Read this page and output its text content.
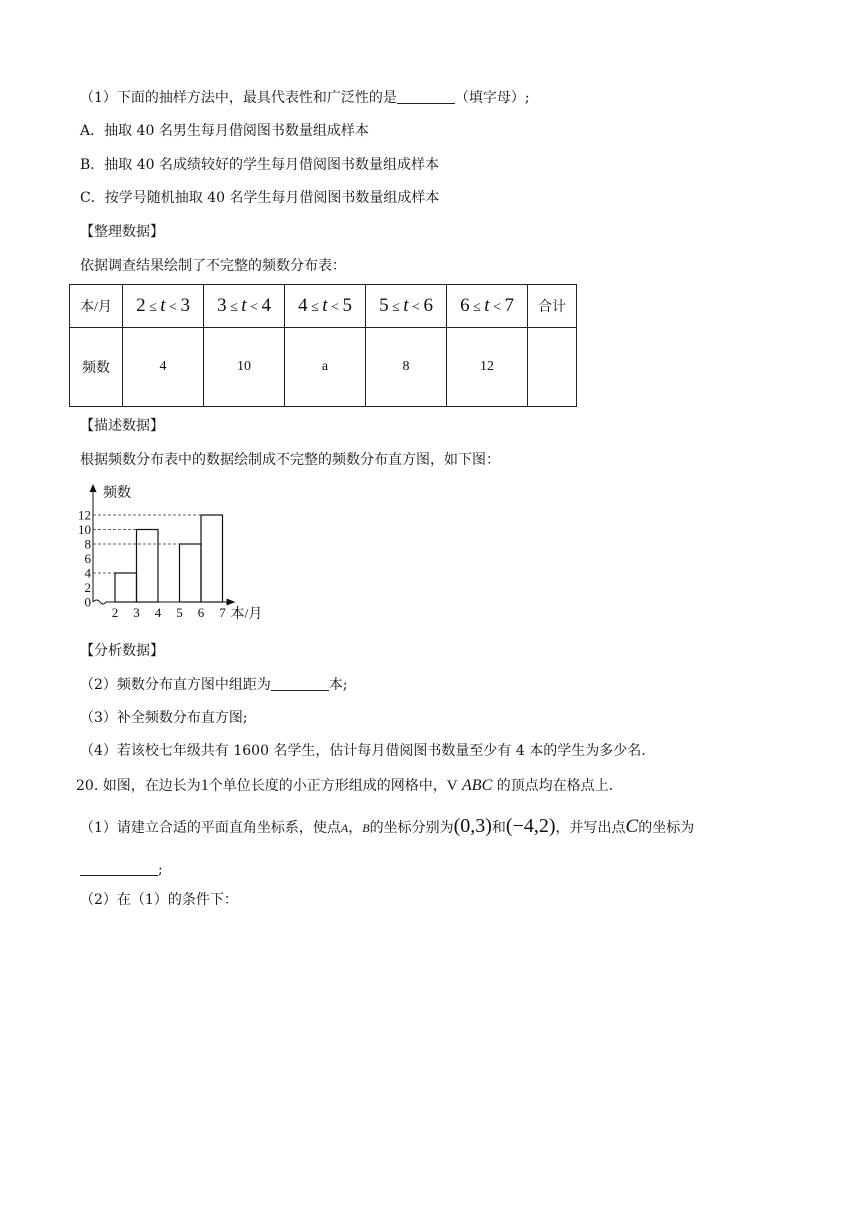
（1）下面的抽样方法中，最具代表性和广泛性的是	（填字母）;
A．抽取 40 名男生每月借阅图书数量组成样本
B．抽取 40 名成绩较好的学生每月借阅图书数量组成样本
C．按学号随机抽取 40 名学生每月借阅图书数量组成样本
【整理数据】
依据调查结果绘制了不完整的频数分布表：
本/月	2 ≤ t < 3	3 ≤ t < 4	4 ≤ t < 5	5 ≤ t < 6	6 ≤ t < 7	合计
频数	4	10	a	8	12	
【描述数据】
根据频数分布表中的数据绘制成不完整的频数分布直方图，如下图：
0
2
4
6
8
10
12
2 3 4 5 6 7
频数
本/月
【分析数据】
（2）频数分布直方图中组距为	本;
（3）补全频数分布直方图;
（4）若该校七年级共有 1600 名学生，估计每月借阅图书数量至少有 4 本的学生为多少名.
20. 如图，在边长为1个单位长度的小正方形组成的网格中，V ABC 的顶点均在格点上.
（1）请建立合适的平面直角坐标系，使点A，B的坐标分别为(0,3)和(−4,2)，并写出点C的坐标为
;
（2）在（1）的条件下：
